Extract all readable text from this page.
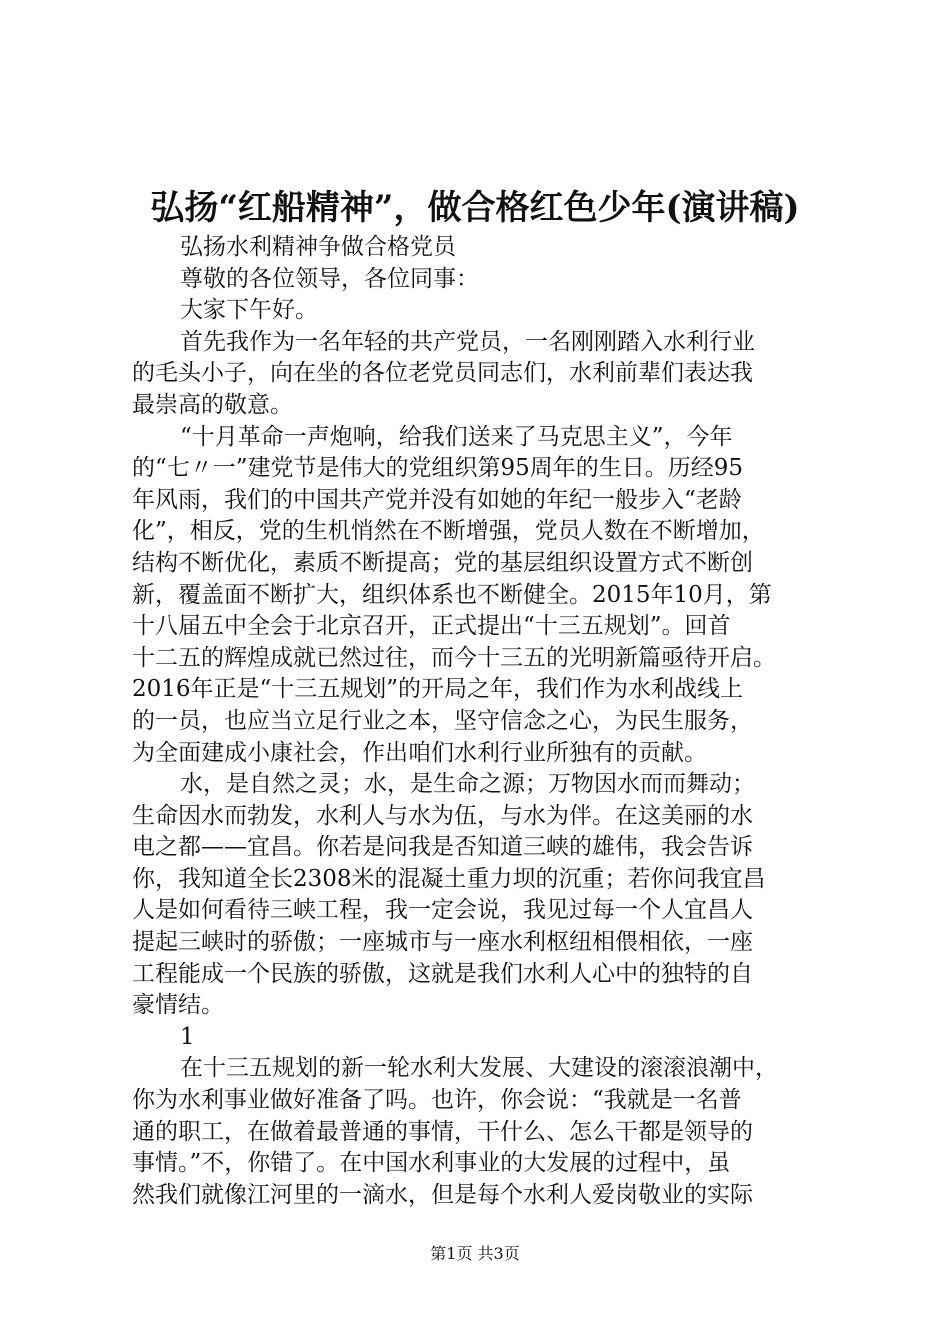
弘扬“红船精神”，做合格红色少年(演讲稿)
弘扬水利精神争做合格党员
尊敬的各位领导，各位同事：
大家下午好。
首先我作为一名年轻的共产党员，一名刚刚踏入水利行业
的毛头小子，向在坐的各位老党员同志们，水利前辈们表达我
最崇高的敬意。
“十月革命一声炮响，给我们送来了马克思主义”，今年
的“七〃一”建党节是伟大的党组织第95周年的生日。历经95
年风雨，我们的中国共产党并没有如她的年纪一般步入“老龄
化”，相反，党的生机悄然在不断增强，党员人数在不断增加，
结构不断优化，素质不断提高；党的基层组织设置方式不断创
新，覆盖面不断扩大，组织体系也不断健全。2015年10月，第
十八届五中全会于北京召开，正式提出“十三五规划”。回首
十二五的辉煌成就已然过往，而今十三五的光明新篇亟待开启。
2016年正是“十三五规划”的开局之年，我们作为水利战线上
的一员，也应当立足行业之本，坚守信念之心，为民生服务，
为全面建成小康社会，作出咱们水利行业所独有的贡献。
水，是自然之灵；水，是生命之源；万物因水而而舞动；
生命因水而勃发，水利人与水为伍，与水为伴。在这美丽的水
电之都——宜昌。你若是问我是否知道三峡的雄伟，我会告诉
你，我知道全长2308米的混凝土重力坝的沉重；若你问我宜昌
人是如何看待三峡工程，我一定会说，我见过每一个人宜昌人
提起三峡时的骄傲；一座城市与一座水利枢纽相偎相依，一座
工程能成一个民族的骄傲，这就是我们水利人心中的独特的自
豪情结。
1
在十三五规划的新一轮水利大发展、大建设的滚滚浪潮中，
你为水利事业做好准备了吗。也许，你会说：“我就是一名普
通的职工，在做着最普通的事情，干什么、怎么干都是领导的
事情。”不，你错了。在中国水利事业的大发展的过程中，虽
然我们就像江河里的一滴水，但是每个水利人爱岗敬业的实际
第1页 共3页
